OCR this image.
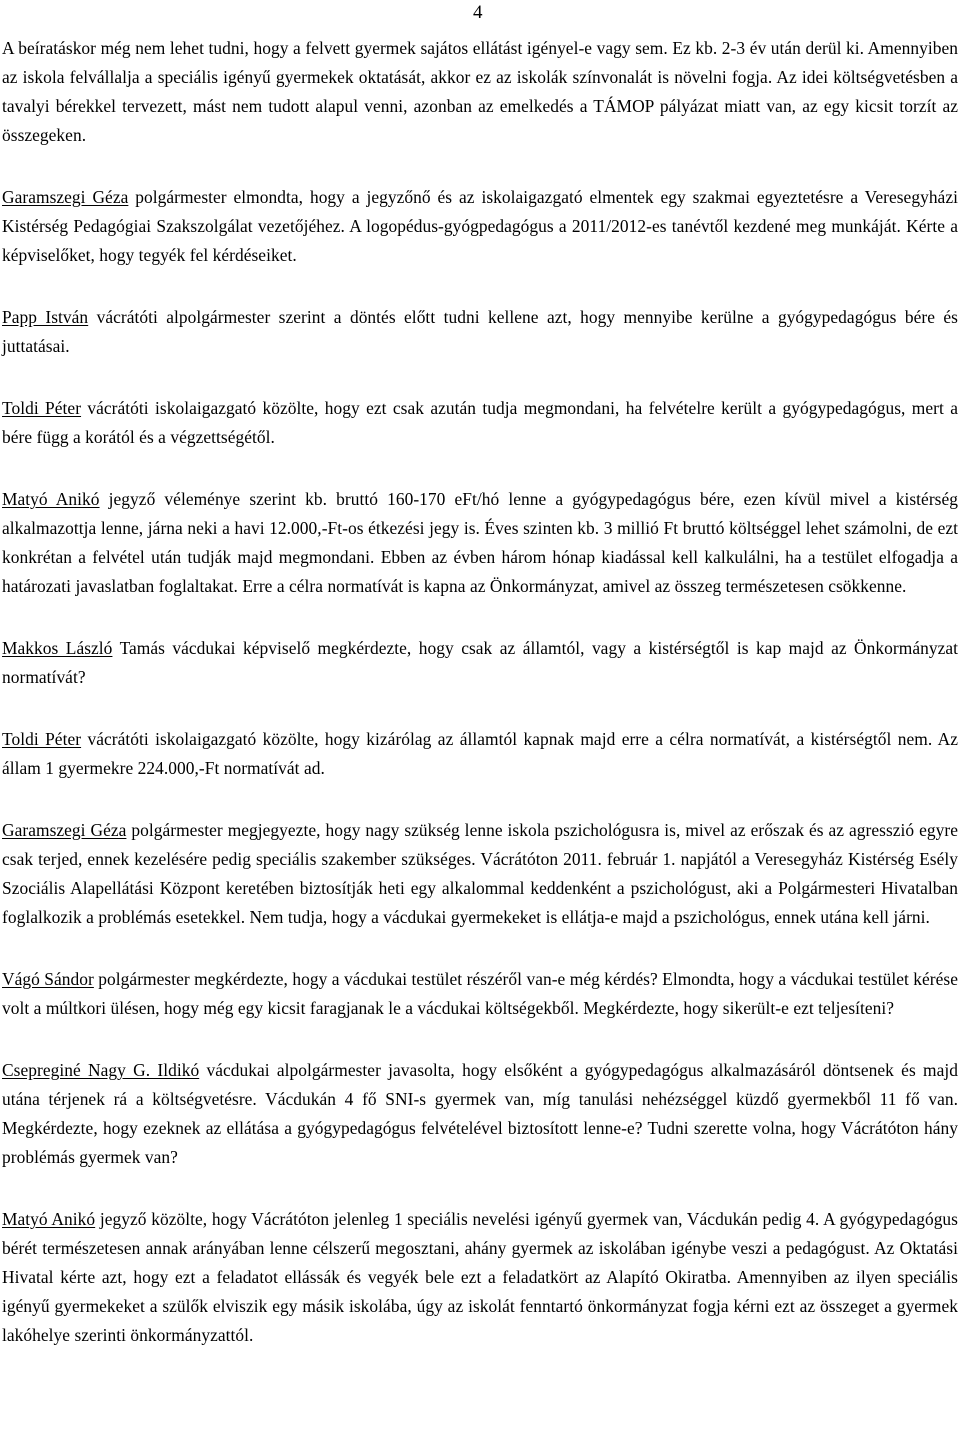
4

A beíratáskor még nem lehet tudni, hogy a felvett gyermek sajátos ellátást igényel-e vagy sem. Ez kb. 2-3 év után derül ki. Amennyiben az iskola felvállalja a speciális igényű gyermekek oktatását, akkor ez az iskolák színvonalát is növelni fogja. Az idei költségvetésben a tavalyi bérekkel tervezett, mást nem tudott alapul venni, azonban az emelkedés a TÁMOP pályázat miatt van, az egy kicsit torzít az összegeken.

Garamszegi Géza polgármester elmondta, hogy a jegyzőnő és az iskolaigazgató elmentek egy szakmai egyeztetésre a Veresegyházi Kistérség Pedagógiai Szakszolgálat vezetőjéhez. A logopédus-gyógpedagógus a 2011/2012-es tanévtől kezdené meg munkáját. Kérte a képviselőket, hogy tegyék fel kérdéseiket.

Papp István vácrátóti alpolgármester szerint a döntés előtt tudni kellene azt, hogy mennyibe kerülne a gyógypedagógus bére és juttatásai.

Toldi Péter vácrátóti iskolaigazgató közölte, hogy ezt csak azután tudja megmondani, ha felvételre került a gyógypedagógus, mert a bére függ a korától és a végzettségétől.

Matyó Anikó jegyző véleménye szerint kb. bruttó 160-170 eFt/hó lenne a gyógypedagógus bére, ezen kívül mivel a kistérség alkalmazottja lenne, járna neki a havi 12.000,-Ft-os étkezési jegy is. Éves szinten kb. 3 millió Ft bruttó költséggel lehet számolni, de ezt konkrétan a felvétel után tudják majd megmondani. Ebben az évben három hónap kiadással kell kalkulálni, ha a testület elfogadja a határozati javaslatban foglaltakat. Erre a célra normatívát is kapna az Önkormányzat, amivel az összeg természetesen csökkenne.

Makkos László Tamás vácdukai képviselő megkérdezte, hogy csak az államtól, vagy a kistérségtől is kap majd az Önkormányzat normatívát?

Toldi Péter vácrátóti iskolaigazgató közölte, hogy kizárólag az államtól kapnak majd erre a célra normatívát, a kistérségtől nem. Az állam 1 gyermekre 224.000,-Ft normatívát ad.

Garamszegi Géza polgármester megjegyezte, hogy nagy szükség lenne iskola pszichológusra is, mivel az erőszak és az agresszió egyre csak terjed, ennek kezelésére pedig speciális szakember szükséges. Vácrátóton 2011. február 1. napjától a Veresegyház Kistérség Esély Szociális Alapellátási Központ keretében biztosítják heti egy alkalommal keddenként a pszichológust, aki a Polgármesteri Hivatalban foglalkozik a problémás esetekkel. Nem tudja, hogy a vácdukai gyermekeket is ellátja-e majd a pszichológus, ennek utána kell járni.

Vágó Sándor polgármester megkérdezte, hogy a vácdukai testület részéről van-e még kérdés? Elmondta, hogy a vácdukai testület kérése volt a múltkori ülésen, hogy még egy kicsit faragjanak le a vácdukai költségekből. Megkérdezte, hogy sikerült-e ezt teljesíteni?

Csepreginé Nagy G. Ildikó vácdukai alpolgármester javasolta, hogy elsőként a gyógypedagógus alkalmazásáról döntsenek és majd utána térjenek rá a költségvetésre. Vácdukán 4 fő SNI-s gyermek van, míg tanulási nehézséggel küzdő gyermekből 11 fő van. Megkérdezte, hogy ezeknek az ellátása a gyógypedagógus felvételével biztosított lenne-e? Tudni szerette volna, hogy Vácrátóton hány problémás gyermek van?

Matyó Anikó jegyző közölte, hogy Vácrátóton jelenleg 1 speciális nevelési igényű gyermek van, Vácdukán pedig 4. A gyógypedagógus bérét természetesen annak arányában lenne célszerű megosztani, ahány gyermek az iskolában igénybe veszi a pedagógust. Az Oktatási Hivatal kérte azt, hogy ezt a feladatot ellássák és vegyék bele ezt a feladatkört az Alapító Okiratba. Amennyiben az ilyen speciális igényű gyermekeket a szülők elviszik egy másik iskolába, úgy az iskolát fenntartó önkormányzat fogja kérni ezt az összeget a gyermek lakóhelye szerinti önkormányzattól.
